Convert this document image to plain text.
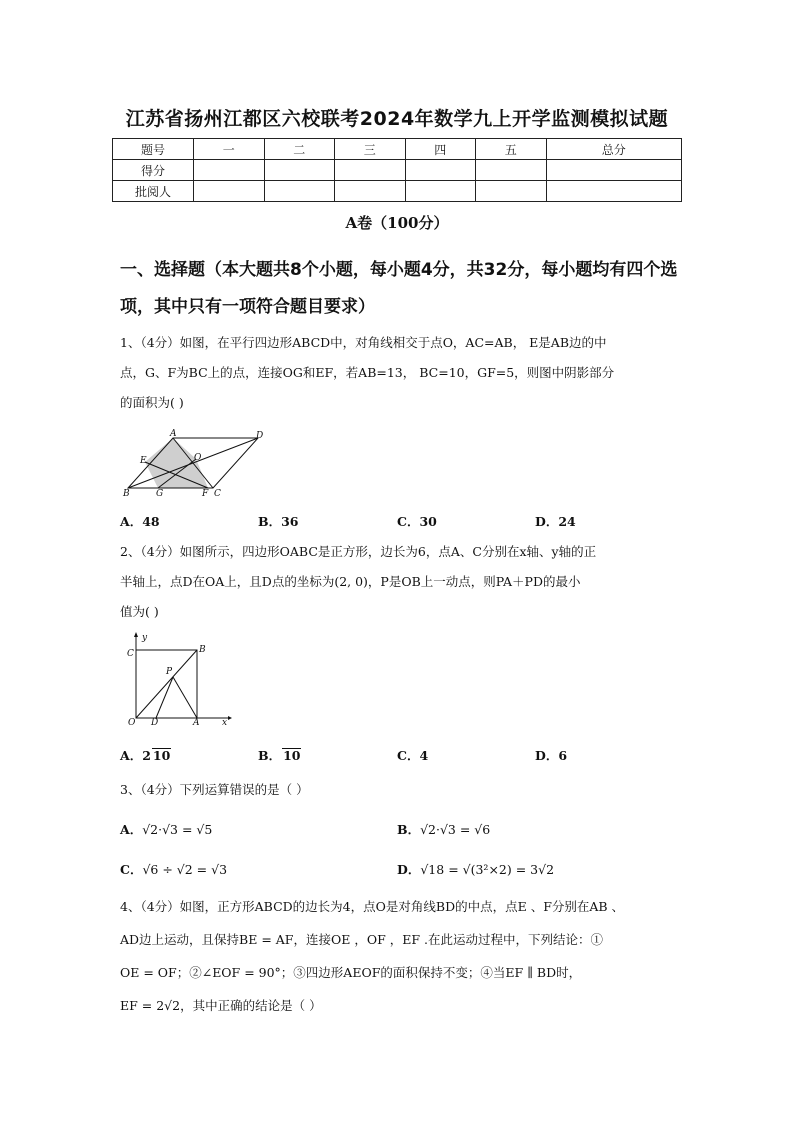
江苏省扬州江都区六校联考2024年数学九上开学监测模拟试题
题号	一	二	三	四	五	总分
得分						
批阅人						
A卷（100分）
一、选择题（本大题共8个小题，每小题4分，共32分，每小题均有四个选项，其中只有一项符合题目要求）
1、（4分）如图，在平行四边形ABCD中，对角线相交于点O，AC=AB， E是AB边的中
点，G、F为BC上的点，连接OG和EF，若AB=13， BC=10，GF=5，则图中阴影部分
的面积为( )
A	D
E	O
B	G	F C
A．48	B．36	C．30	D．24
2、（4分）如图所示，四边形OABC是正方形，边长为6，点A、C分别在x轴、y轴的正
半轴上，点D在OA上，且D点的坐标为(2, 0)，P是OB上一动点，则PA＋PD的最小
值为( )
y
C	B
P
O D	A	x
A．2 10	B． 10	C．4	D．6
3、（4分）下列运算错误的是（ ）
A．√2·√3 = √5	B．√2·√3 = √6
C．√6 ÷ √2 = √3	D．√18 = √(3²×2) = 3√2
4、（4分）如图，正方形ABCD的边长为4，点O是对角线BD的中点，点E 、F分别在AB 、
AD边上运动，且保持BE = AF，连接OE ，OF ，EF .在此运动过程中，下列结论：①
OE = OF；②∠EOF = 90°；③四边形AEOF的面积保持不变；④当EF ∥ BD时，
EF = 2√2，其中正确的结论是（ ）
